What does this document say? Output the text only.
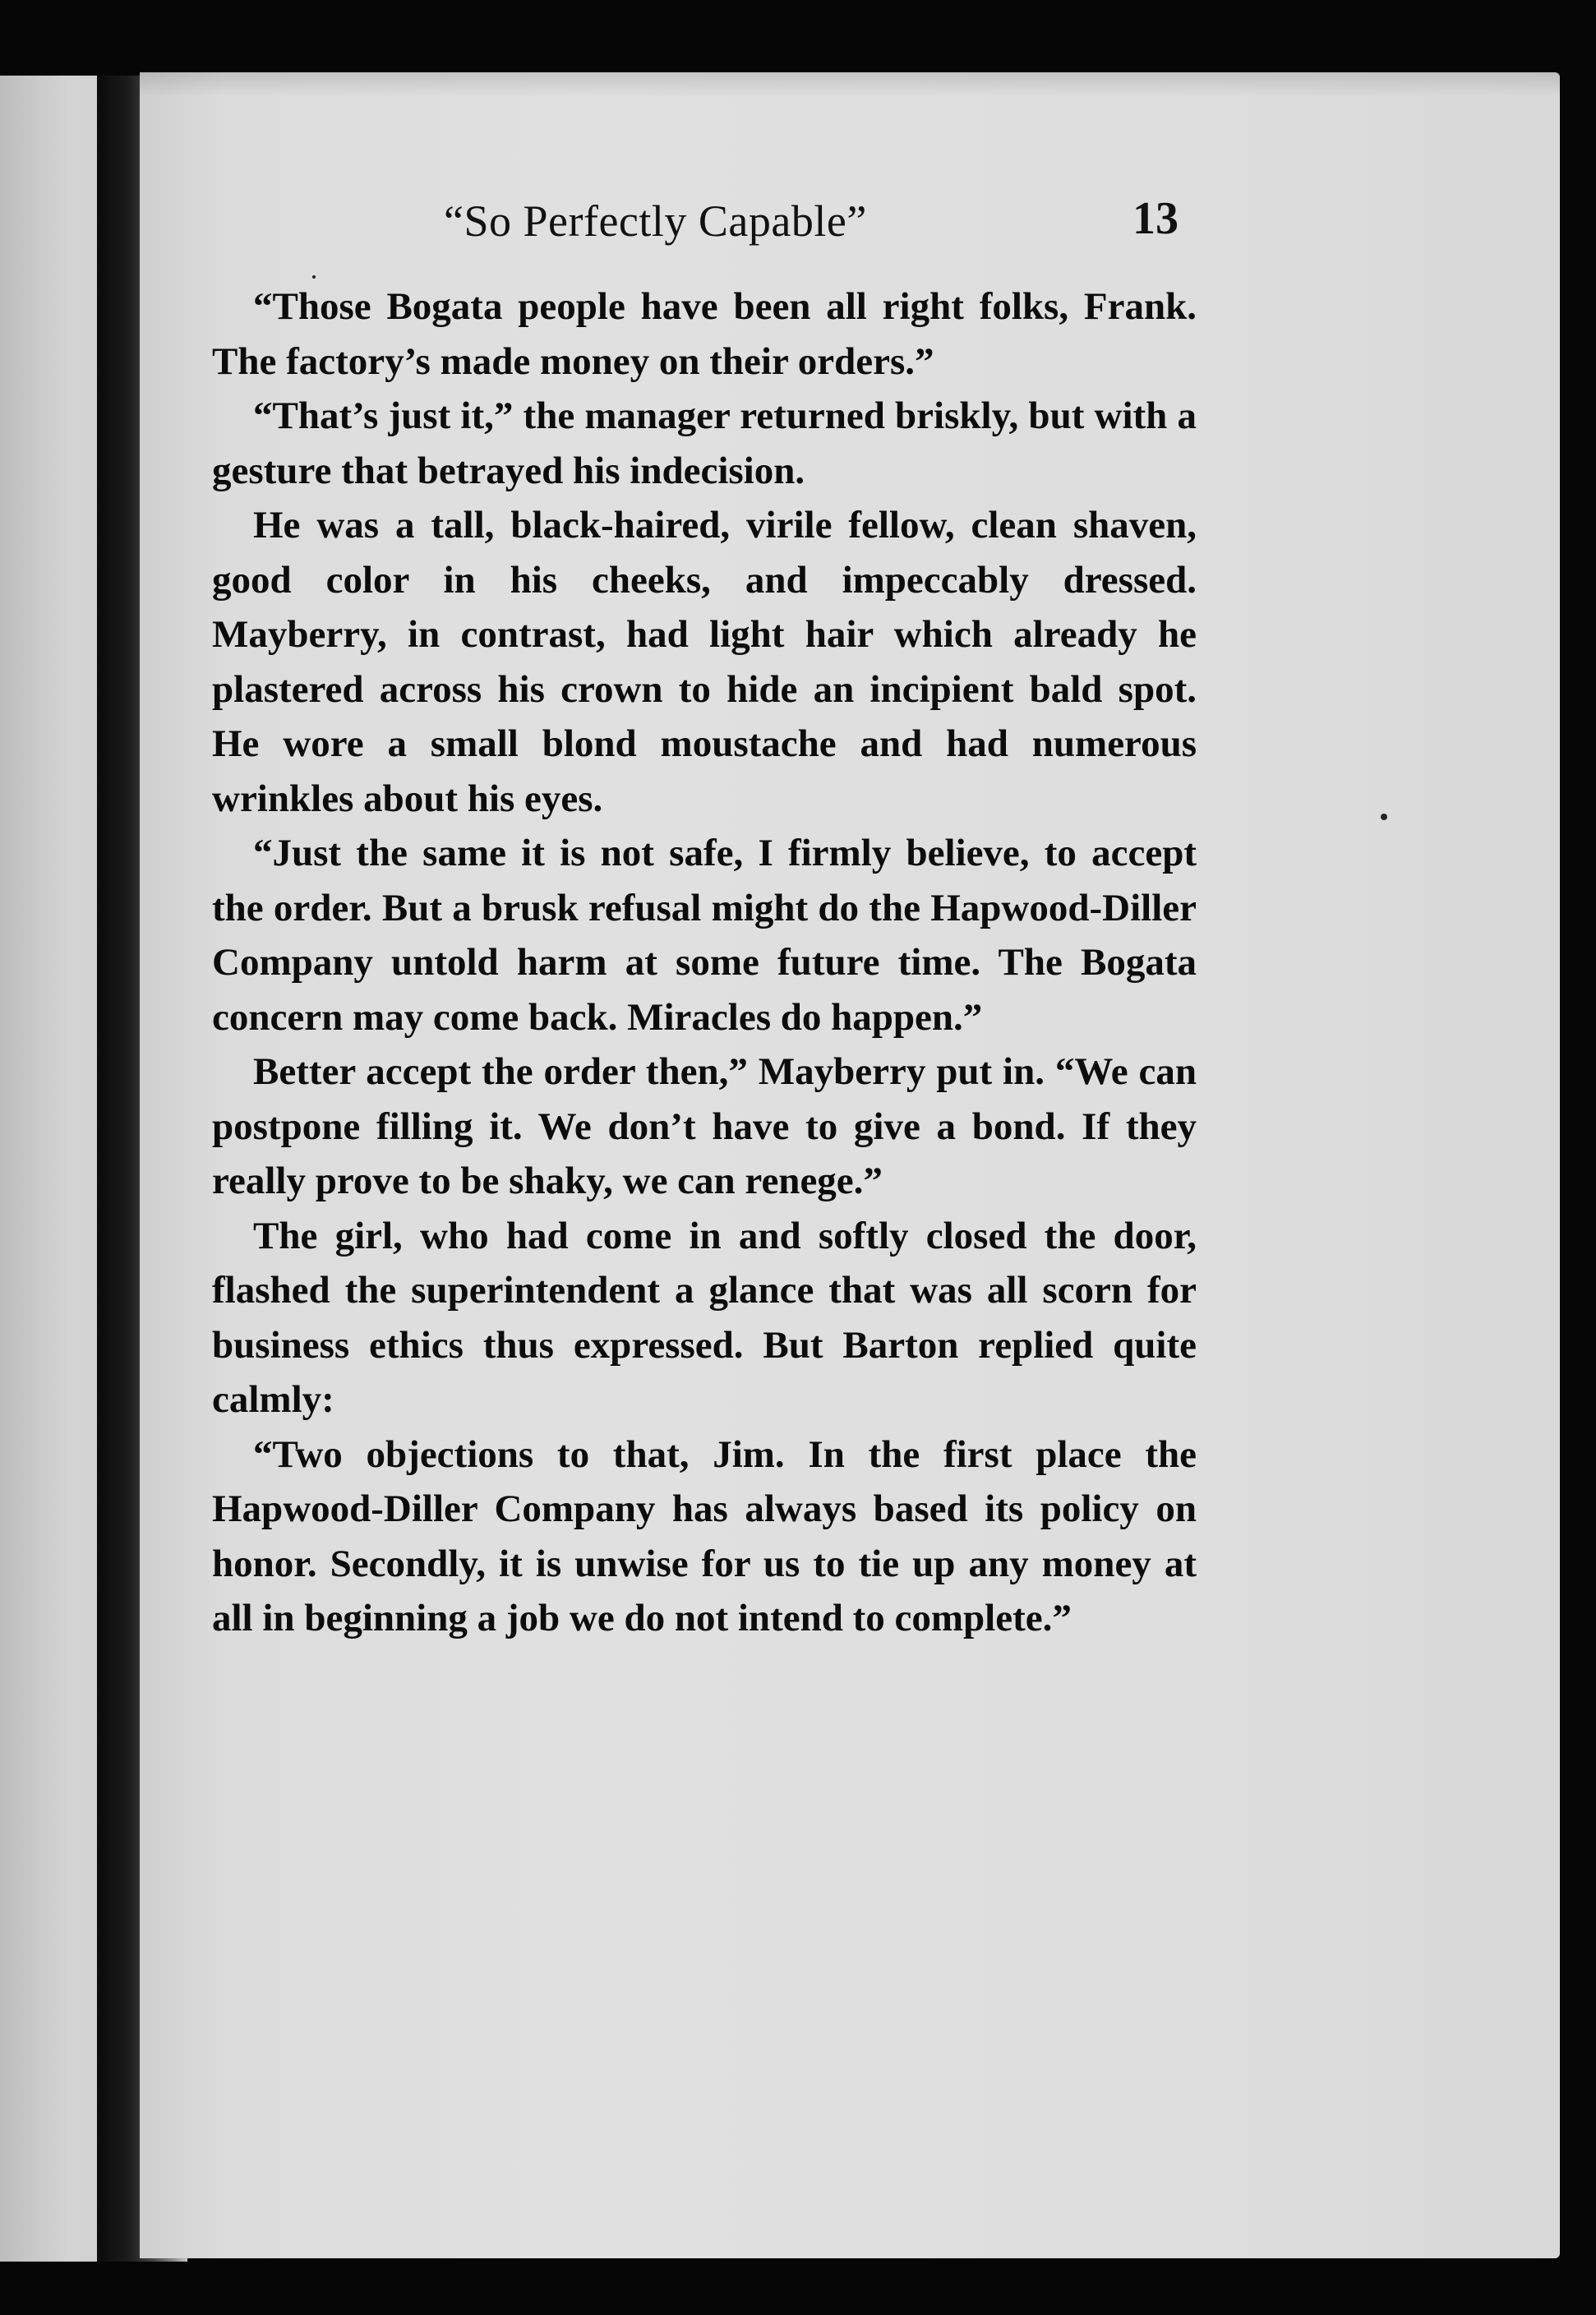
“So Perfectly Capable”	13

“Those Bogata people have been all right folks, Frank. The factory’s made money on their orders.”

“That’s just it,” the manager returned briskly, but with a gesture that betrayed his indecision.

He was a tall, black-haired, virile fellow, clean shaven, good color in his cheeks, and impeccably dressed. Mayberry, in contrast, had light hair which already he plastered across his crown to hide an incipient bald spot. He wore a small blond moustache and had numerous wrinkles about his eyes.

“Just the same it is not safe, I firmly believe, to accept the order. But a brusk refusal might do the Hapwood-Diller Company untold harm at some future time. The Bogata concern may come back. Miracles do happen.”

Better accept the order then,” Mayberry put in. “We can postpone filling it. We don’t have to give a bond. If they really prove to be shaky, we can renege.”

The girl, who had come in and softly closed the door, flashed the superintendent a glance that was all scorn for business ethics thus expressed. But Barton replied quite calmly:

“Two objections to that, Jim. In the first place the Hapwood-Diller Company has always based its policy on honor. Secondly, it is unwise for us to tie up any money at all in beginning a job we do not intend to complete.”
